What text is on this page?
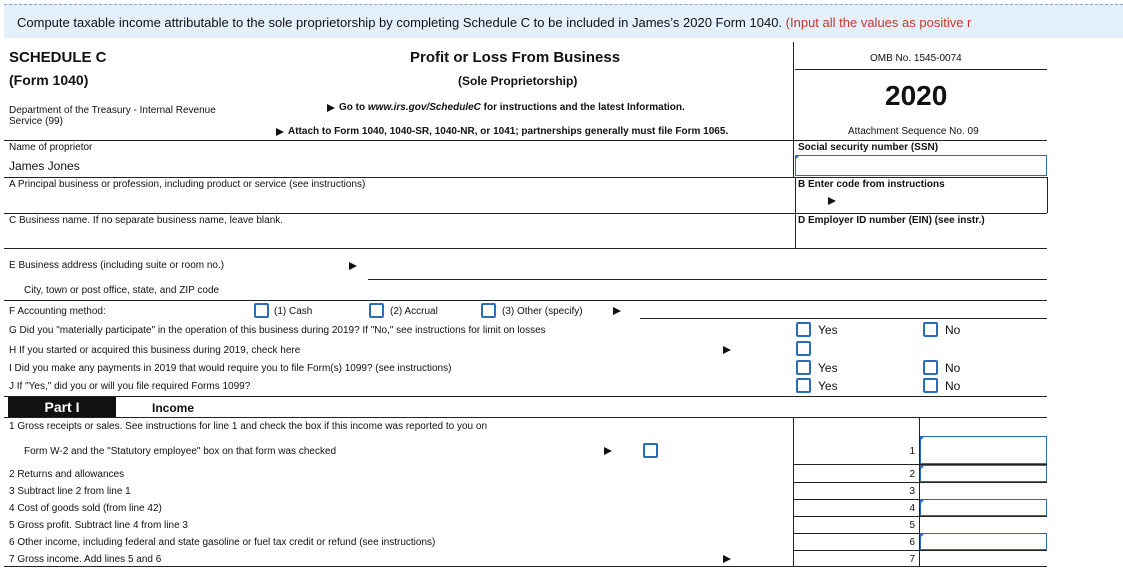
Compute taxable income attributable to the sole proprietorship by completing Schedule C to be included in James’s 2020 Form 1040. (Input all the values as positive r
SCHEDULE C
(Form 1040)
Department of the Treasury - Internal Revenue Service (99)
Profit or Loss From Business
(Sole Proprietorship)
Go to www.irs.gov/ScheduleC for instructions and the latest Information.
Attach to Form 1040, 1040-SR, 1040-NR, or 1041; partnerships generally must file Form 1065.
OMB No. 1545-0074
2020
Attachment Sequence No. 09
Name of proprietor
James Jones
Social security number (SSN)
A Principal business or profession, including product or service (see instructions)	B Enter code from instructions
C Business name. If no separate business name, leave blank.	D Employer ID number (EIN) (see instr.)
E Business address (including suite or room no.)
City, town or post office, state, and ZIP code
F Accounting method:	(1) Cash	(2) Accrual	(3) Other (specify)
G Did you "materially participate" in the operation of this business during 2019? If "No," see instructions for limit on losses	Yes	No
H If you started or acquired this business during 2019, check here
I Did you make any payments in 2019 that would require you to file Form(s) 1099? (see instructions)	Yes	No
J If "Yes," did you or will you file required Forms 1099?	Yes	No
Part I	Income
1 Gross receipts or sales. See instructions for line 1 and check the box if this income was reported to you on
Form W-2 and the "Statutory employee" box on that form was checked	1
2 Returns and allowances	2
3 Subtract line 2 from line 1	3
4 Cost of goods sold (from line 42)	4
5 Gross profit. Subtract line 4 from line 3	5
6 Other income, including federal and state gasoline or fuel tax credit or refund (see instructions)	6
7 Gross income. Add lines 5 and 6	7
